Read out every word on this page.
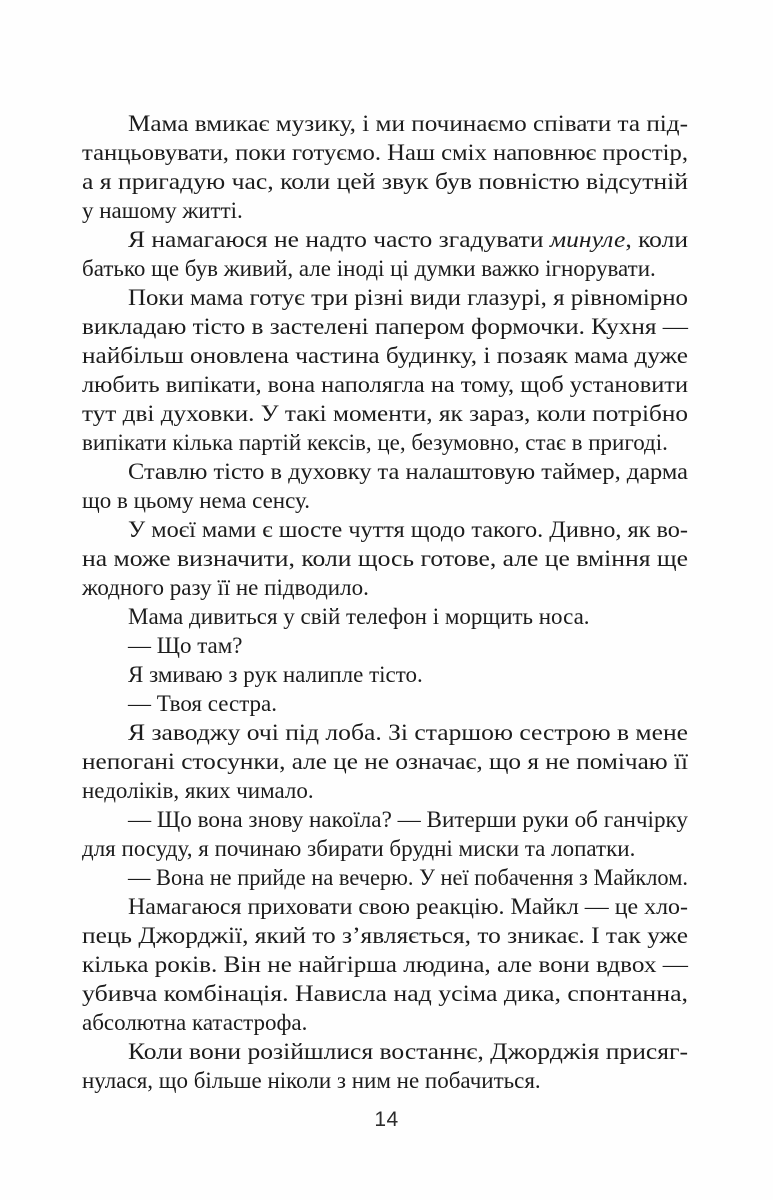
Мама вмикає музику, і ми починаємо співати та під-
танцьовувати, поки готуємо. Наш сміх наповнює простір,
а я пригадую час, коли цей звук був повністю відсутній
у нашому житті.

Я намагаюся не надто часто згадувати минуле, коли
батько ще був живий, але іноді ці думки важко ігнорувати.

Поки мама готує три різні види глазурі, я рівномірно
викладаю тісто в застелені папером формочки. Кухня —
найбільш оновлена частина будинку, і позаяк мама дуже
любить випікати, вона наполягла на тому, щоб установити
тут дві духовки. У такі моменти, як зараз, коли потрібно
випікати кілька партій кексів, це, безумовно, стає в пригоді.

Ставлю тісто в духовку та налаштовую таймер, дарма
що в цьому нема сенсу.

У моєї мами є шосте чуття щодо такого. Дивно, як во-
на може визначити, коли щось готове, але це вміння ще
жодного разу її не підводило.

Мама дивиться у свій телефон і морщить носа.

— Що там?

Я змиваю з рук налипле тісто.

— Твоя сестра.

Я заводжу очі під лоба. Зі старшою сестрою в мене
непогані стосунки, але це не означає, що я не помічаю її
недоліків, яких чимало.

— Що вона знову накоїла? — Витерши руки об ганчірку
для посуду, я починаю збирати брудні миски та лопатки.

— Вона не прийде на вечерю. У неї побачення з Майклом.

Намагаюся приховати свою реакцію. Майкл — це хло-
пець Джорджії, який то з’являється, то зникає. І так уже
кілька років. Він не найгірша людина, але вони вдвох —
убивча комбінація. Нависла над усіма дика, спонтанна,
абсолютна катастрофа.

Коли вони розійшлися востаннє, Джорджія присяг-
нулася, що більше ніколи з ним не побачиться.

14
